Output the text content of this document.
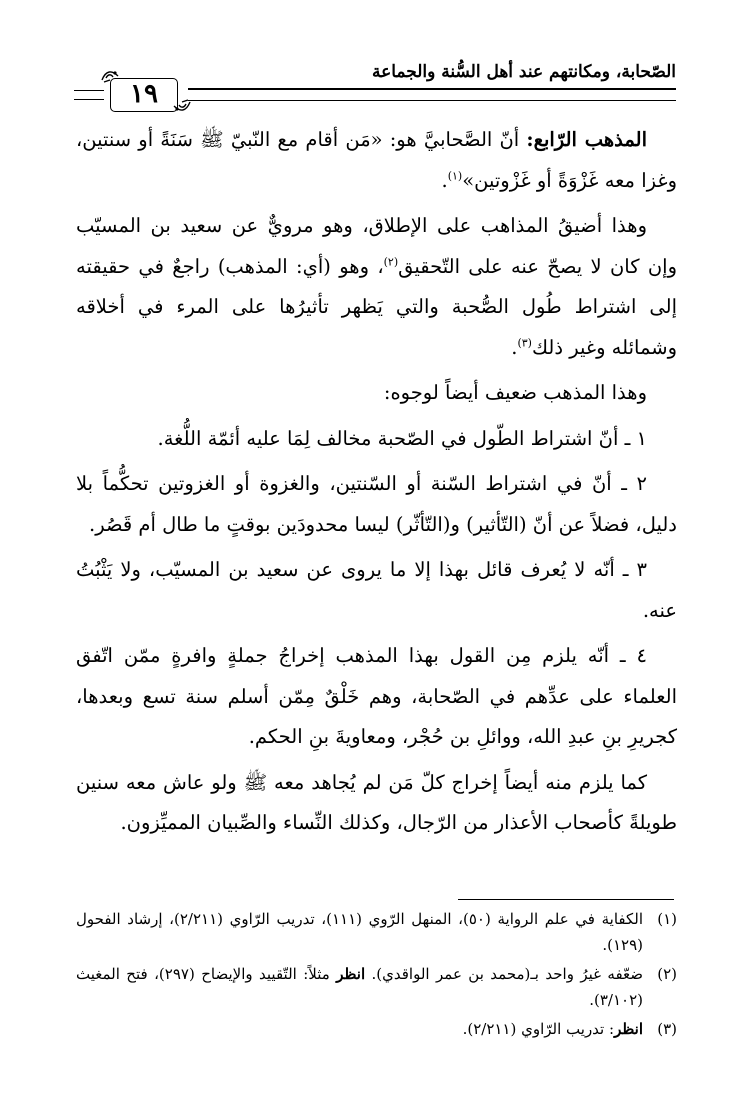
الصّحابة، ومكانتهم عند أهل السُّنة والجماعة
١٩

المذهب الرّابع: أنّ الصَّحابيَّ هو: «مَن أقام مع النّبيّ ﷺ سَنَةً أو سنتين، وغزا معه غَزْوَةً أو غَزْوتين»$^{(١)}$.

وهذا أضيقُ المذاهب على الإطلاق، وهو مرويٌّ عن سعيد بن المسيّب وإن كان لا يصحّ عنه على التّحقيق$^{(٢)}$، وهو (أي: المذهب) راجعٌ في حقيقته إلى اشتراط طُول الصُّحبة والتي يَظهر تأثيرُها على المرء في أخلاقه وشمائله وغير ذلك$^{(٣)}$.

وهذا المذهب ضعيف أيضاً لوجوه:

١ ـ أنّ اشتراط الطّول في الصّحبة مخالف لِمَا عليه أئمّة اللُّغة.

٢ ـ أنّ في اشتراط السّنة أو السّنتين، والغزوة أو الغزوتين تحكُّماً بلا دليل، فضلاً عن أنّ (التّأثير) و(التّأثّر) ليسا محدودَين بوقتٍ ما طال أم قَصُر.

٣ ـ أنّه لا يُعرف قائل بهذا إلا ما يروى عن سعيد بن المسيّب، ولا يَثْبُتُ عنه.

٤ ـ أنّه يلزم مِن القول بهذا المذهب إخراجُ جملةٍ وافرةٍ ممّن اتّفق العلماء على عدِّهم في الصّحابة، وهم خَلْقٌ مِمّن أسلم سنة تسع وبعدها، كجريرِ بنِ عبدِ الله، ووائلِ بن حُجْر، ومعاويةَ بنِ الحكم.

كما يلزم منه أيضاً إخراج كلّ مَن لم يُجاهد معه ﷺ ولو عاش معه سنين طويلةً كأصحاب الأعذار من الرّجال، وكذلك النِّساء والصِّبيان المميِّزون.

(١)
الكفاية في علم الرواية (٥٠)، المنهل الرّوي (١١١)، تدريب الرّاوي (٢/٢١١)، إرشاد الفحول (١٢٩).
(٢)
ضعّفه غيرُ واحد بـ(محمد بن عمر الواقدي). انظر مثلاً: التّقييد والإيضاح (٢٩٧)، فتح المغيث (٣/١٠٢).
(٣)
انظر: تدريب الرّاوي (٢/٢١١).
